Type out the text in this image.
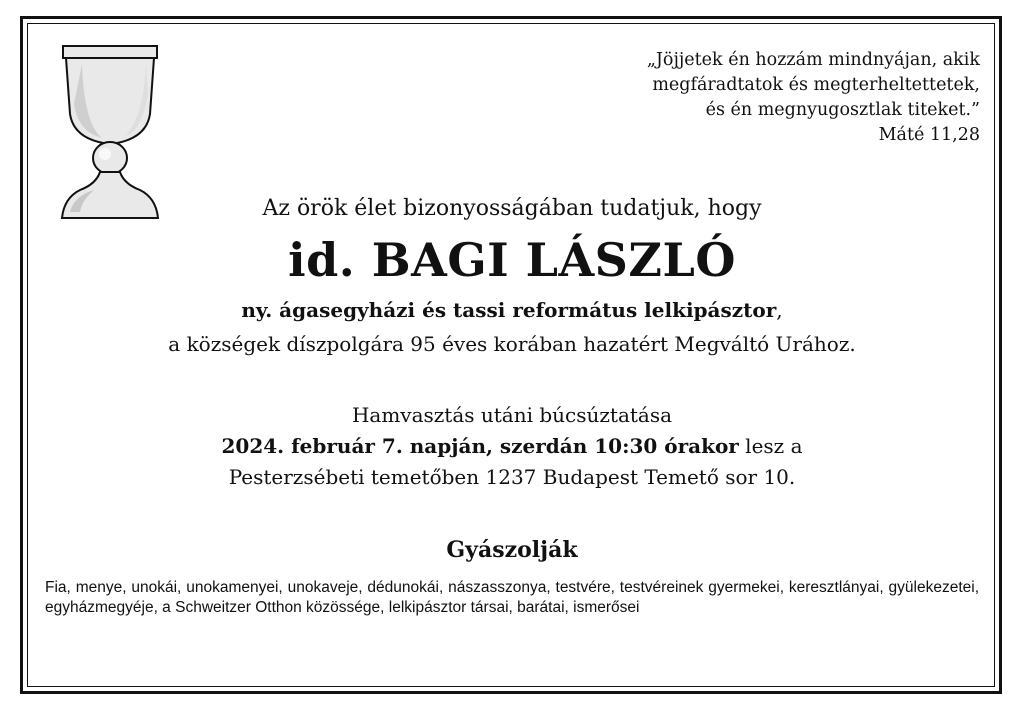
„Jöjjetek én hozzám mindnyájan, akik
megfáradtatok és megterheltettetek,
és én megnyugosztlak titeket.”
Máté 11,28
Az örök élet bizonyosságában tudatjuk, hogy
id. BAGI LÁSZLÓ
ny. ágasegyházi és tassi református lelkipásztor,
a községek díszpolgára 95 éves korában hazatért Megváltó Urához.
Hamvasztás utáni búcsúztatása
2024. február 7. napján, szerdán 10:30 órakor lesz a
Pesterzsébeti temetőben 1237 Budapest Temető sor 10.
Gyászolják
Fia, menye, unokái, unokamenyei, unokaveje, dédunokái, nászasszonya, testvére, testvéreinek gyermekei, keresztlányai, gyülekezetei, egyházmegyéje, a Schweitzer Otthon közössége, lelkipásztor társai, barátai, ismerősei
